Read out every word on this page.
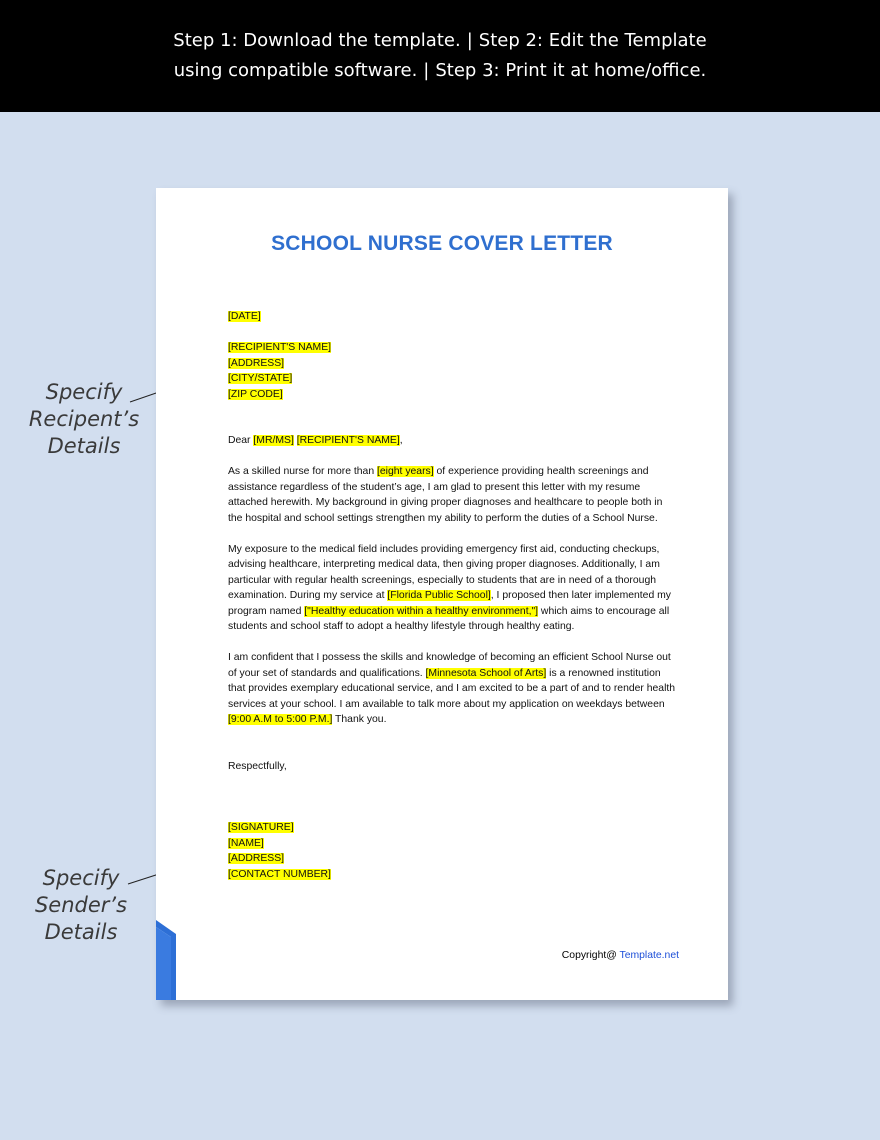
Step 1: Download the template. | Step 2: Edit the Template
using compatible software. | Step 3: Print it at home/office.
Specify
Recipent’s
Details
Specify
Sender’s
Details
SCHOOL NURSE COVER LETTER
[DATE]
[RECIPIENT'S NAME]
[ADDRESS]
[CITY/STATE]
[ZIP CODE]
Dear [MR/MS] [RECIPIENT'S NAME],
As a skilled nurse for more than [eight years] of experience providing health screenings and assistance regardless of the student’s age, I am glad to present this letter with my resume attached herewith. My background in giving proper diagnoses and healthcare to people both in the hospital and school settings strengthen my ability to perform the duties of a School Nurse.
My exposure to the medical field includes providing emergency first aid, conducting checkups, advising healthcare, interpreting medical data, then giving proper diagnoses. Additionally, I am particular with regular health screenings, especially to students that are in need of a thorough examination. During my service at [Florida Public School], I proposed then later implemented my program named ["Healthy education within a healthy environment,"] which aims to encourage all students and school staff to adopt a healthy lifestyle through healthy eating.
I am confident that I possess the skills and knowledge of becoming an efficient School Nurse out of your set of standards and qualifications. [Minnesota School of Arts] is a renowned institution that provides exemplary educational service, and I am excited to be a part of and to render health services at your school. I am available to talk more about my application on weekdays between [9:00 A.M to 5:00 P.M.] Thank you.
Respectfully,
[SIGNATURE]
[NAME]
[ADDRESS]
[CONTACT NUMBER]
Copyright@ Template.net
